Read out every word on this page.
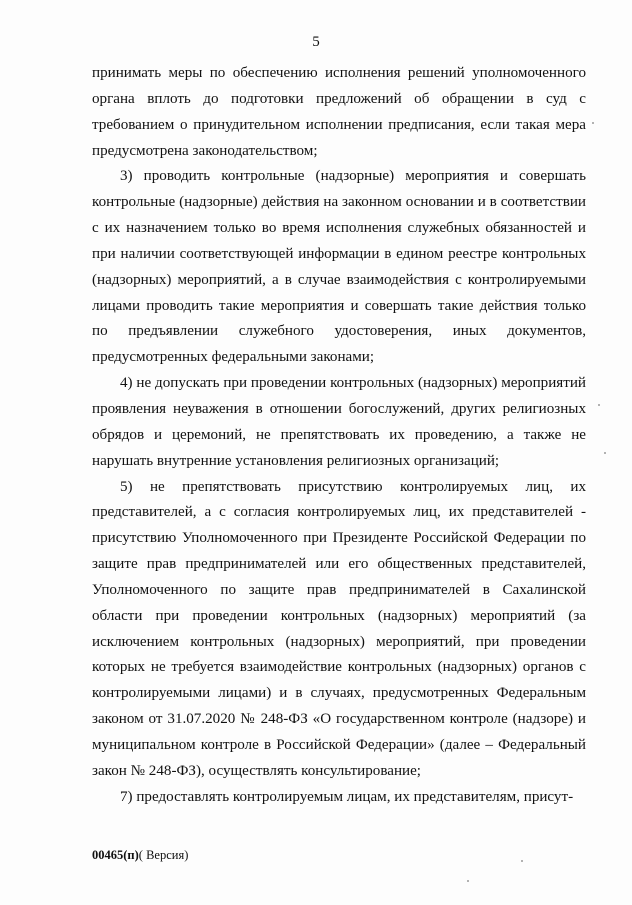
5

принимать меры по обеспечению исполнения решений уполномоченного органа вплоть до подготовки предложений об обращении в суд с требованием о принудительном исполнении предписания, если такая мера предусмотрена законодательством;

3) проводить контрольные (надзорные) мероприятия и совершать контрольные (надзорные) действия на законном основании и в соответствии с их назначением только во время исполнения служебных обязанностей и при наличии соответствующей информации в едином реестре контрольных (надзорных) мероприятий, а в случае взаимодействия с контролируемыми лицами проводить такие мероприятия и совершать такие действия только по предъявлении служебного удостоверения, иных документов, предусмотренных федеральными законами;

4) не допускать при проведении контрольных (надзорных) мероприятий проявления неуважения в отношении богослужений, других религиозных обрядов и церемоний, не препятствовать их проведению, а также не нарушать внутренние установления религиозных организаций;

5) не препятствовать присутствию контролируемых лиц, их представителей, а с согласия контролируемых лиц, их представителей - присутствию Уполномоченного при Президенте Российской Федерации по защите прав предпринимателей или его общественных представителей, Уполномоченного по защите прав предпринимателей в Сахалинской области при проведении контрольных (надзорных) мероприятий (за исключением контрольных (надзорных) мероприятий, при проведении которых не требуется взаимодействие контрольных (надзорных) органов с контролируемыми лицами) и в случаях, предусмотренных Федеральным законом от 31.07.2020 № 248-ФЗ «О государственном контроле (надзоре) и муниципальном контроле в Российской Федерации» (далее – Федеральный закон № 248-ФЗ), осуществлять консультирование;

7) предоставлять контролируемым лицам, их представителям, присут-

00465(п)( Версия)
